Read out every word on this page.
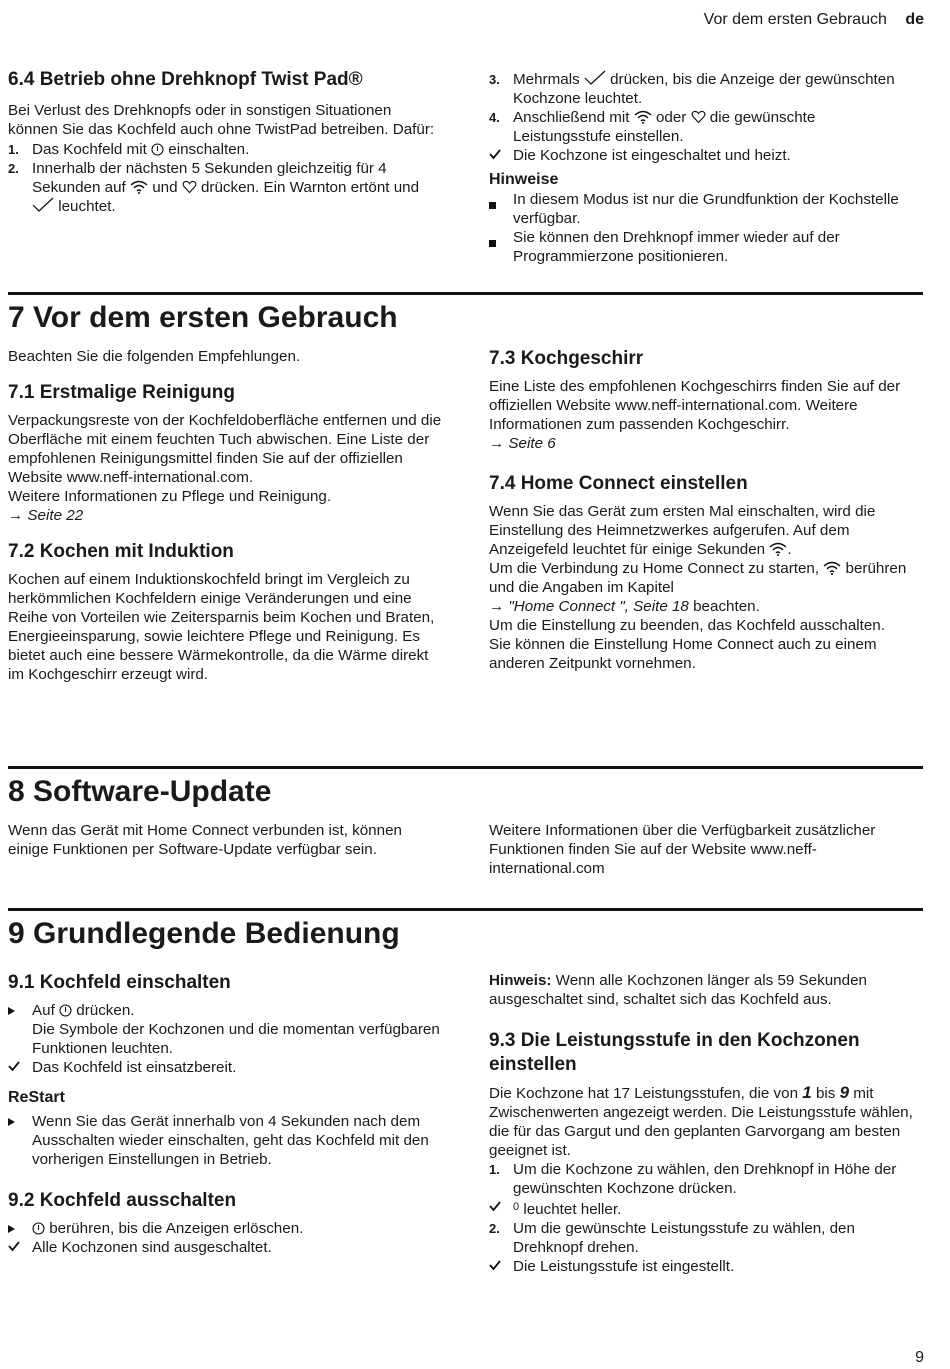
Vor dem ersten Gebrauch de

6.4 Betrieb ohne Drehknopf Twist Pad®

Bei Verlust des Drehknopfs oder in sonstigen Situationen können Sie das Kochfeld auch ohne TwistPad betreiben. Dafür:

1. Das Kochfeld mit  einschalten.
2. Innerhalb der nächsten 5 Sekunden gleichzeitig für 4 Sekunden auf  und  drücken. Ein Warnton ertönt und  leuchtet.
3. Mehrmals  drücken, bis die Anzeige der gewünschten Kochzone leuchtet.
4. Anschließend mit  oder  die gewünschte Leistungsstufe einstellen.
Die Kochzone ist eingeschaltet und heizt.

Hinweise

In diesem Modus ist nur die Grundfunktion der Kochstelle verfügbar.
Sie können den Drehknopf immer wieder auf der Programmierzone positionieren.
7 Vor dem ersten Gebrauch

Beachten Sie die folgenden Empfehlungen.

7.1 Erstmalige Reinigung

Verpackungsreste von der Kochfeldoberfläche entfernen und die Oberfläche mit einem feuchten Tuch abwischen. Eine Liste der empfohlenen Reinigungsmittel finden Sie auf der offiziellen Website www.neff-international.com.

Weitere Informationen zu Pflege und Reinigung.

→ Seite 22

7.2 Kochen mit Induktion

Kochen auf einem Induktionskochfeld bringt im Vergleich zu herkömmlichen Kochfeldern einige Veränderungen und eine Reihe von Vorteilen wie Zeitersparnis beim Kochen und Braten, Energieeinsparung, sowie leichtere Pflege und Reinigung. Es bietet auch eine bessere Wärmekontrolle, da die Wärme direkt im Kochgeschirr erzeugt wird.

7.3 Kochgeschirr

Eine Liste des empfohlenen Kochgeschirrs finden Sie auf der offiziellen Website www.neff-international.com. Weitere Informationen zum passenden Kochgeschirr.

→ Seite 6

7.4 Home Connect einstellen

Wenn Sie das Gerät zum ersten Mal einschalten, wird die Einstellung des Heimnetzwerkes aufgerufen. Auf dem Anzeigefeld leuchtet für einige Sekunden .

Um die Verbindung zu Home Connect zu starten,  berühren und die Angaben im Kapitel
→ "Home Connect ", Seite 18 beachten.

Um die Einstellung zu beenden, das Kochfeld ausschalten.

Sie können die Einstellung Home Connect auch zu einem anderen Zeitpunkt vornehmen.

8 Software-Update

Wenn das Gerät mit Home Connect verbunden ist, können einige Funktionen per Software-Update verfügbar sein.

Weitere Informationen über die Verfügbarkeit zusätzlicher Funktionen finden Sie auf der Website www.neff-international.com

9 Grundlegende Bedienung

9.1 Kochfeld einschalten

Auf  drücken.
Die Symbole der Kochzonen und die momentan verfügbaren Funktionen leuchten.
Das Kochfeld ist einsatzbereit.

ReStart

Wenn Sie das Gerät innerhalb von 4 Sekunden nach dem Ausschalten wieder einschalten, geht das Kochfeld mit den vorherigen Einstellungen in Betrieb.

9.2 Kochfeld ausschalten

berühren, bis die Anzeigen erlöschen.
Alle Kochzonen sind ausgeschaltet.

Hinweis: Wenn alle Kochzonen länger als 59 Sekunden ausgeschaltet sind, schaltet sich das Kochfeld aus.

9.3 Die Leistungsstufe in den Kochzonen einstellen

Die Kochzone hat 17 Leistungsstufen, die von 1 bis 9 mit Zwischenwerten angezeigt werden. Die Leistungsstufe wählen, die für das Gargut und den geplanten Garvorgang am besten geeignet ist.

1. Um die Kochzone zu wählen, den Drehknopf in Höhe der gewünschten Kochzone drücken.
$^0$ leuchtet heller.
2. Um die gewünschte Leistungsstufe zu wählen, den Drehknopf drehen.
Die Leistungsstufe ist eingestellt.
9
